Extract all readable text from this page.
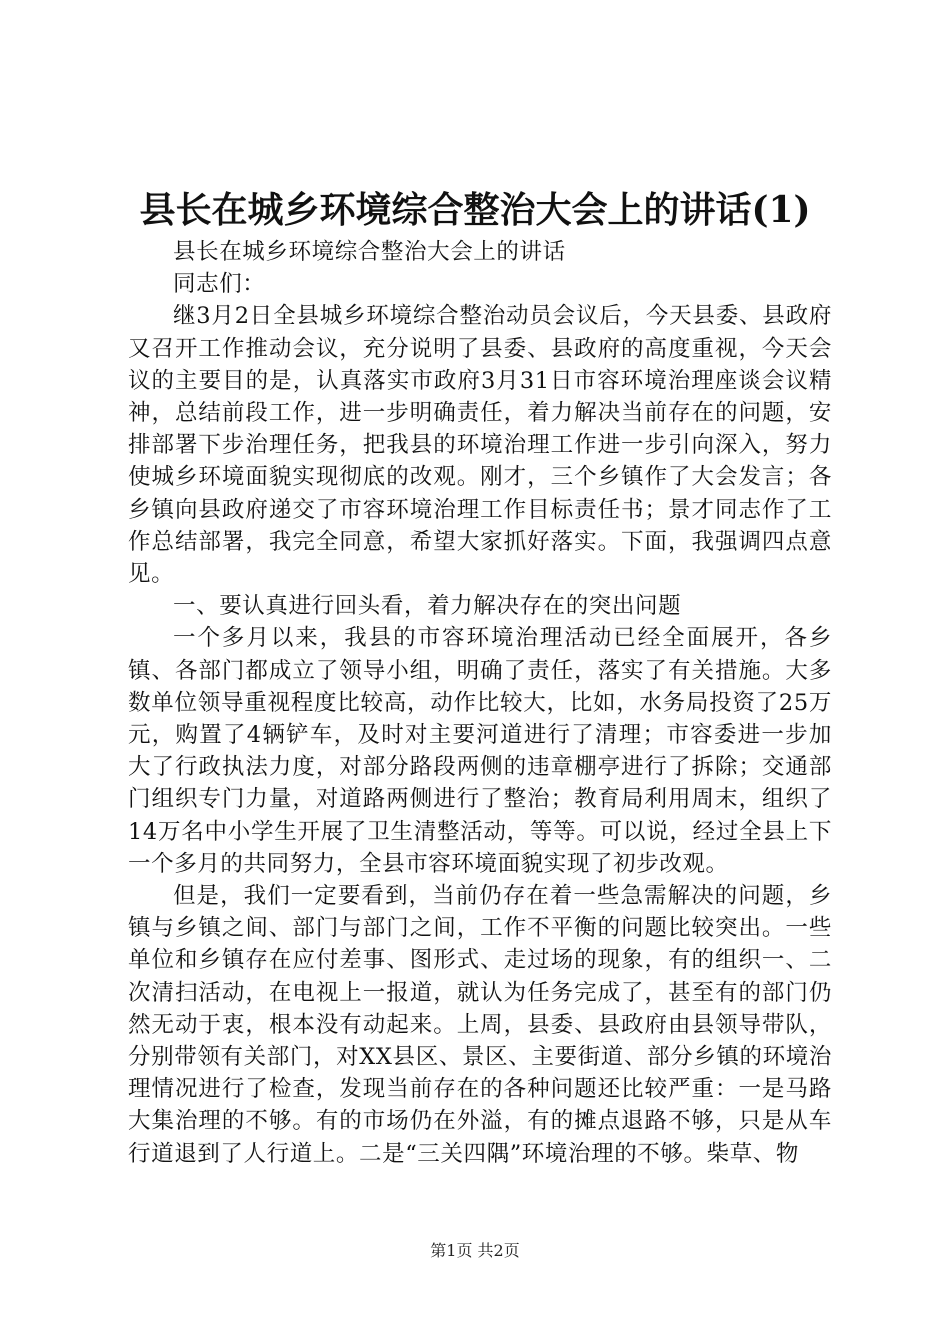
县长在城乡环境综合整治大会上的讲话(1)

县长在城乡环境综合整治大会上的讲话

同志们：

继3月2日全县城乡环境综合整治动员会议后，今天县委、县政府又召开工作推动会议，充分说明了县委、县政府的高度重视，今天会议的主要目的是，认真落实市政府3月31日市容环境治理座谈会议精神，总结前段工作，进一步明确责任，着力解决当前存在的问题，安排部署下步治理任务，把我县的环境治理工作进一步引向深入，努力使城乡环境面貌实现彻底的改观。刚才，三个乡镇作了大会发言；各乡镇向县政府递交了市容环境治理工作目标责任书；景才同志作了工作总结部署，我完全同意，希望大家抓好落实。下面，我强调四点意见。

一、要认真进行回头看，着力解决存在的突出问题

一个多月以来，我县的市容环境治理活动已经全面展开，各乡镇、各部门都成立了领导小组，明确了责任，落实了有关措施。大多数单位领导重视程度比较高，动作比较大，比如，水务局投资了25万元，购置了4辆铲车，及时对主要河道进行了清理；市容委进一步加大了行政执法力度，对部分路段两侧的违章棚亭进行了拆除；交通部门组织专门力量，对道路两侧进行了整治；教育局利用周末，组织了14万名中小学生开展了卫生清整活动，等等。可以说，经过全县上下一个多月的共同努力，全县市容环境面貌实现了初步改观。

但是，我们一定要看到，当前仍存在着一些急需解决的问题，乡镇与乡镇之间、部门与部门之间，工作不平衡的问题比较突出。一些单位和乡镇存在应付差事、图形式、走过场的现象，有的组织一、二次清扫活动，在电视上一报道，就认为任务完成了，甚至有的部门仍然无动于衷，根本没有动起来。上周，县委、县政府由县领导带队，分别带领有关部门，对XX县区、景区、主要街道、部分乡镇的环境治理情况进行了检查，发现当前存在的各种问题还比较严重：一是马路大集治理的不够。有的市场仍在外溢，有的摊点退路不够，只是从车行道退到了人行道上。二是“三关四隅”环境治理的不够。柴草、物

第1页 共2页
